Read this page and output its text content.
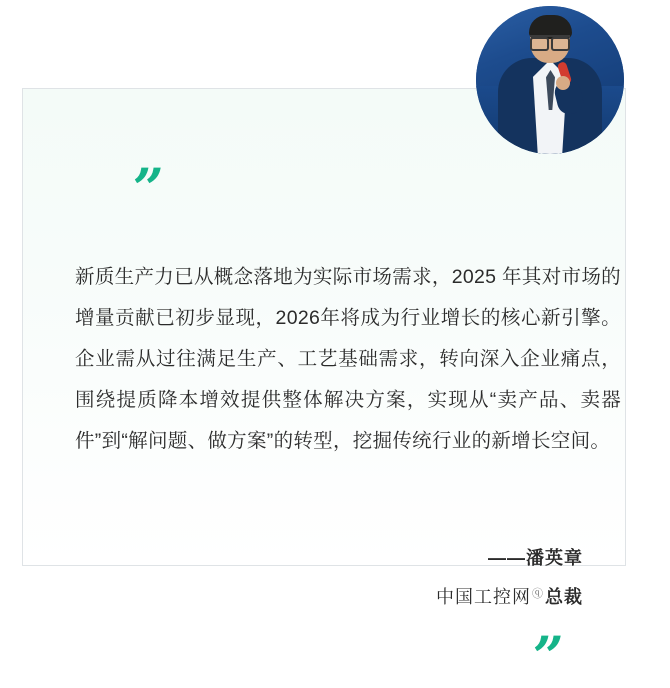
”
新质生产力已从概念落地为实际市场需求，2025 年其对市场的增量贡献已初步显现，2026年将成为行业增长的核心新引擎。企业需从过往满足生产、工艺基础需求，转向深入企业痛点，围绕提质降本增效提供整体解决方案，实现从“卖产品、卖器件”到“解问题、做方案”的转型，挖掘传统行业的新增长空间。
——潘英章
中国工控网 ⓠ 总裁
”
